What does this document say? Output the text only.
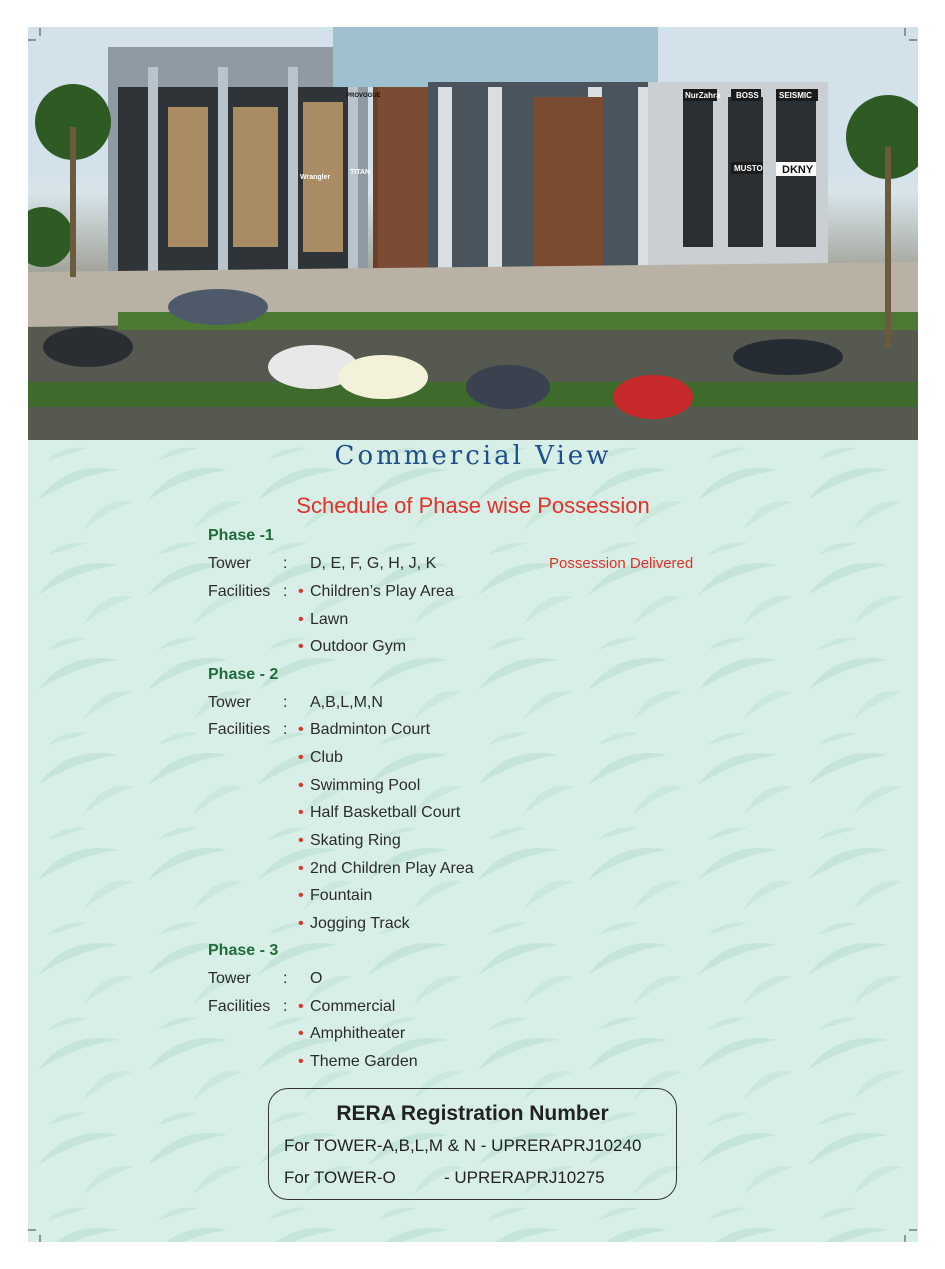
BOSS	SEISMIC
NurZahra
MUSTO DKNY
Wrangler
TITAN
PROVOGUE
Commercial View
Schedule of Phase wise Possession
Phase -1
Tower : D, E, F, G, H, J, K	Possession Delivered
Facilities : • Children’s Play Area
• Lawn
• Outdoor Gym
Phase - 2
Tower : A,B,L,M,N
Facilities : • Badminton Court
• Club
• Swimming Pool
• Half Basketball Court
• Skating Ring
• 2nd Children Play Area
• Fountain
• Jogging Track
Phase - 3
Tower : O
Facilities : • Commercial
• Amphitheater
• Theme Garden
RERA Registration Number
For TOWER-A,B,L,M & N - UPRERAPRJ10240
For TOWER-O	- UPRERAPRJ10275
